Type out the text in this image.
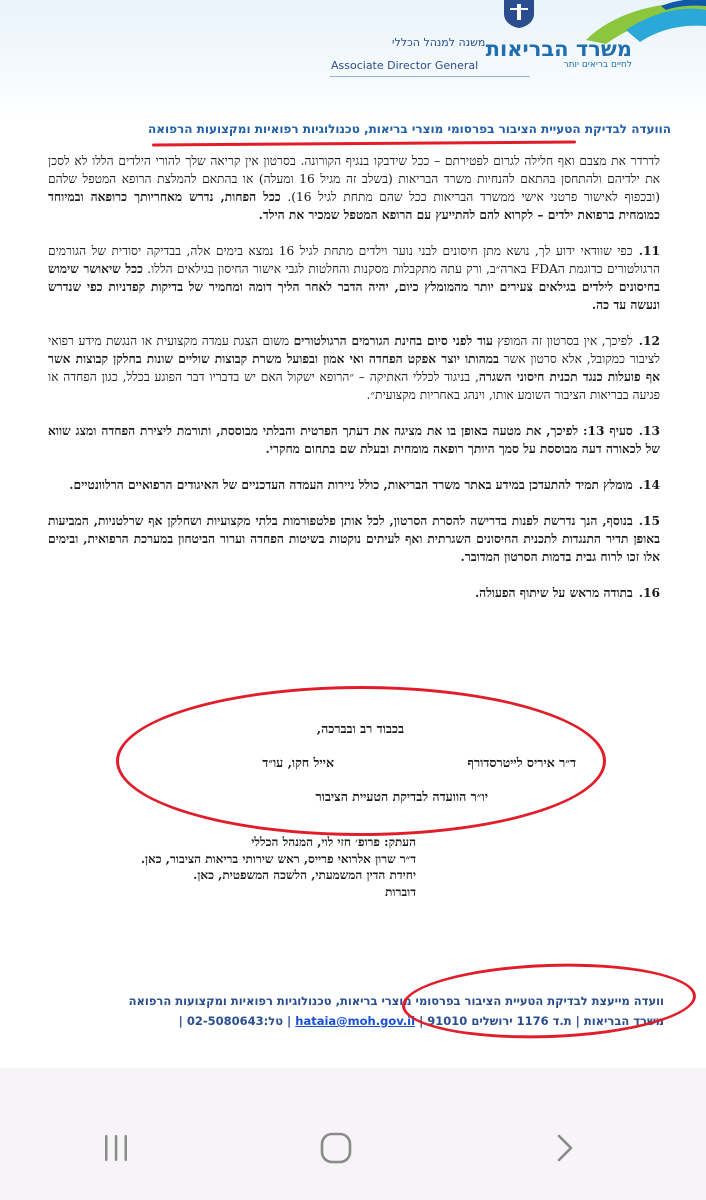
משרד הבריאות
לחיים בריאים יותר
משנה למנהל הכללי
Associate Director General
הוועדה לבדיקת הטעיית הציבור בפרסומי מוצרי בריאות, טכנולוגיות רפואיות ומקצועות הרפואה

לדרדר את מצבם ואף חלילה לגרום לפטירתם – ככל שידבקו בנגיף הקורונה. בסרטון אין קריאה שלך להורי הילדים הללו לא לסכן את ילדיהם ולהתחסן בהתאם להנחיות משרד הבריאות (בשלב זה מגיל 16 ומעלה) או בהתאם להמלצת הרופא המטפל שלהם (ובכפוף לאישור פרטני אישי ממשרד הבריאות ככל שהם מתחת לגיל 16). ככל הפחות, נדרש מאחריותך כרופאה ובמיוחד כמומחית ברפואת ילדים – לקרוא להם להתייעץ עם הרופא המטפל שמכיר את הילד.

11.כפי שוודאי ידוע לך, נושא מתן חיסונים לבני נוער וילדים מתחת לגיל 16 נמצא בימים אלה, בבדיקה יסודית של הגורמים הרגולטורים כדוגמת הFDA בארה״ב, ורק עתה מתקבלות מסקנות והחלטות לגבי אישור החיסון בגילאים הללו. ככל שיאושר שימוש בחיסונים לילדים בגילאים צעירים יותר מהמומלץ כיום, יהיה הדבר לאחר הליך דומה ומחמיר של בדיקות קפדניות כפי שנדרש ונעשה עד כה.

12.לפיכך, אין בסרטון זה המופץ עוד לפני סיום בחינת הגורמים הרגולטורים משום הצגת עמדה מקצועית או הנגשת מידע רפואי לציבור כמקובל, אלא סרטון אשר במהותו יוצר אפקט הפחדה ואי אמון ובפועל משרת קבוצות שוליים שונות בחלקן קבוצות אשר אף פועלות כנגד תכנית חיסוני השגרה, בניגוד לכללי האתיקה – ״הרופא ישקול האם יש בדבריו דבר הפוגע בכלל, כגון הפחדה או פגיעה בבריאות הציבור השומע אותו, וינהג באחריות מקצועית״.

13.סעיף 13: לפיכך, את מטעה באופן בו את מציגה את דעתך הפרטית והבלתי מבוססת, ותורמת ליצירת הפחדה ומצג שווא של לכאורה דעה מבוססת על סמך היותך רופאה מומחית ובעלת שם בתחום מחקרי.

14.מומלץ תמיד להתעדכן במידע באתר משרד הבריאות, כולל ניירות העמדה העדכניים של האיגודים הרפואיים הרלוונטיים.

15.בנוסף, הנך נדרשת לפנות בדרישה להסרת הסרטון, לכל אותן פלטפורמות בלתי מקצועיות ושחלקן אף שרלטניות, המביעות באופן תדיר התנגדות לתכנית החיסונים השגרתית ואף לעיתים נוקטות בשיטות הפחדה וערור הביטחון במערכת הרפואית, ובימים אלו זכו לרוח גבית בדמות הסרטון המדובר.

16.בתודה מראש על שיתוף הפעולה.

בכבוד רב ובברכה,
ד״ר איריס לייטרסדורף
אייל חקו, עו״ד
יו״ר הוועדה לבדיקת הטעיית הציבור
העתק: פרופ׳ חזי לוי, המנהל הכללי
ד״ר שרון אלרואי פרייס, ראש שירותי בריאות הציבור, כאן.
יחידת הדין המשמעתי, הלשכה המשפטית, כאן.
דוברות
וועדה מייעצת לבדיקת הטעיית הציבור בפרסומי מוצרי בריאות, טכנולוגיות רפואיות ומקצועות הרפואה
משרד הבריאות | ת.ד 1176 ירושלים 91010 | hataia@moh.gov.il | טל:02-5080643 |
